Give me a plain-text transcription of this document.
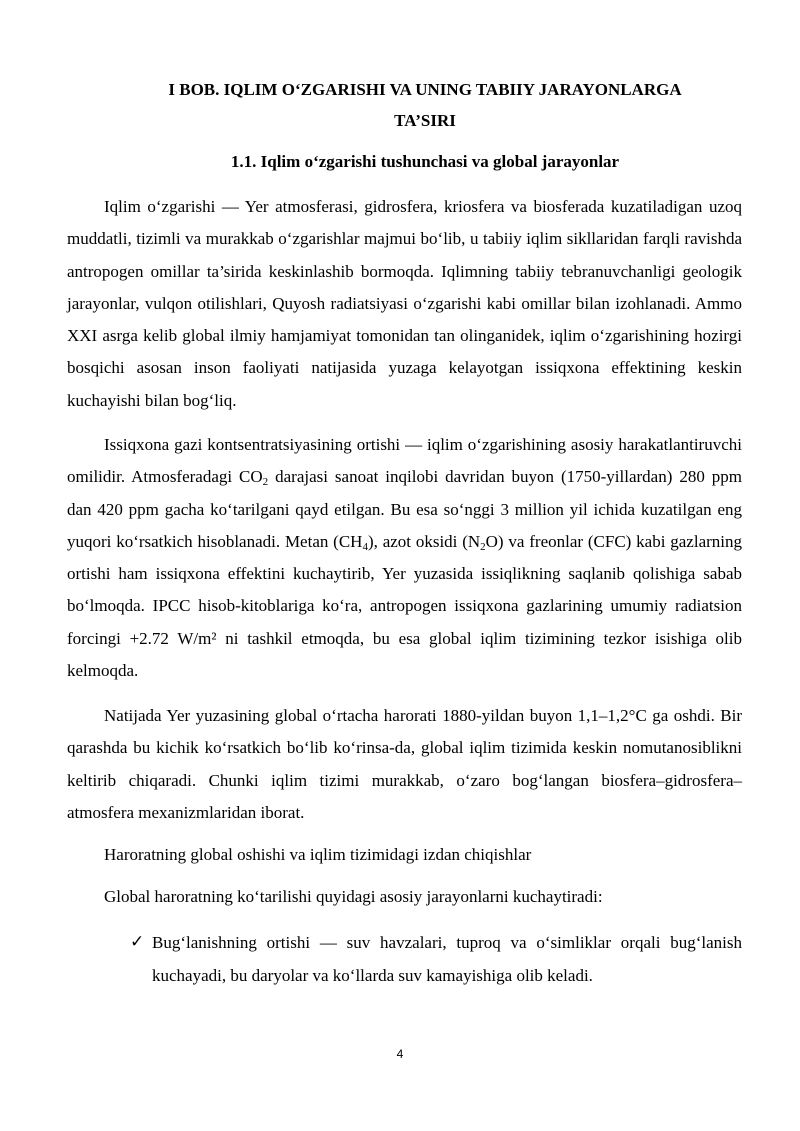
I BOB. IQLIM O‘ZGARISHI VA UNING TABIIY JARAYONLARGA
TA’SIRI
1.1. Iqlim o‘zgarishi tushunchasi va global jarayonlar

Iqlim o‘zgarishi — Yer atmosferasi, gidrosfera, kriosfera va biosferada kuzatiladigan uzoq muddatli, tizimli va murakkab o‘zgarishlar majmui bo‘lib, u tabiiy iqlim sikllaridan farqli ravishda antropogen omillar ta’sirida keskinlashib bormoqda. Iqlimning tabiiy tebranuvchanligi geologik jarayonlar, vulqon otilishlari, Quyosh radiatsiyasi o‘zgarishi kabi omillar bilan izohlanadi. Ammo XXI asrga kelib global ilmiy hamjamiyat tomonidan tan olinganidek, iqlim o‘zgarishining hozirgi bosqichi asosan inson faoliyati natijasida yuzaga kelayotgan issiqxona effektining keskin kuchayishi bilan bog‘liq.

Issiqxona gazi kontsentratsiyasining ortishi — iqlim o‘zgarishining asosiy harakatlantiruvchi omilidir. Atmosferadagi $CO_2$ darajasi sanoat inqilobi davridan buyon (1750-yillardan) 280 ppm dan 420 ppm gacha ko‘tarilgani qayd etilgan. Bu esa so‘nggi 3 million yil ichida kuzatilgan eng yuqori ko‘rsatkich hisoblanadi. Metan $(CH_4)$, azot oksidi $(N_2O)$ va freonlar (CFC) kabi gazlarning ortishi ham issiqxona effektini kuchaytirib, Yer yuzasida issiqlikning saqlanib qolishiga sabab bo‘lmoqda. IPCC hisob-kitoblariga ko‘ra, antropogen issiqxona gazlarining umumiy radiatsion forcingi +2.72 W/m² ni tashkil etmoqda, bu esa global iqlim tizimining tezkor isishiga olib kelmoqda.

Natijada Yer yuzasining global o‘rtacha harorati 1880-yildan buyon 1,1–1,2°C ga oshdi. Bir qarashda bu kichik ko‘rsatkich bo‘lib ko‘rinsa-da, global iqlim tizimida keskin nomutanosiblikni keltirib chiqaradi. Chunki iqlim tizimi murakkab, o‘zaro bog‘langan biosfera–gidrosfera–atmosfera mexanizmlaridan iborat.

Haroratning global oshishi va iqlim tizimidagi izdan chiqishlar

Global haroratning ko‘tarilishi quyidagi asosiy jarayonlarni kuchaytiradi:

✓ Bug‘lanishning ortishi — suv havzalari, tuproq va o‘simliklar orqali bug‘lanish kuchayadi, bu daryolar va ko‘llarda suv kamayishiga olib keladi.

4
